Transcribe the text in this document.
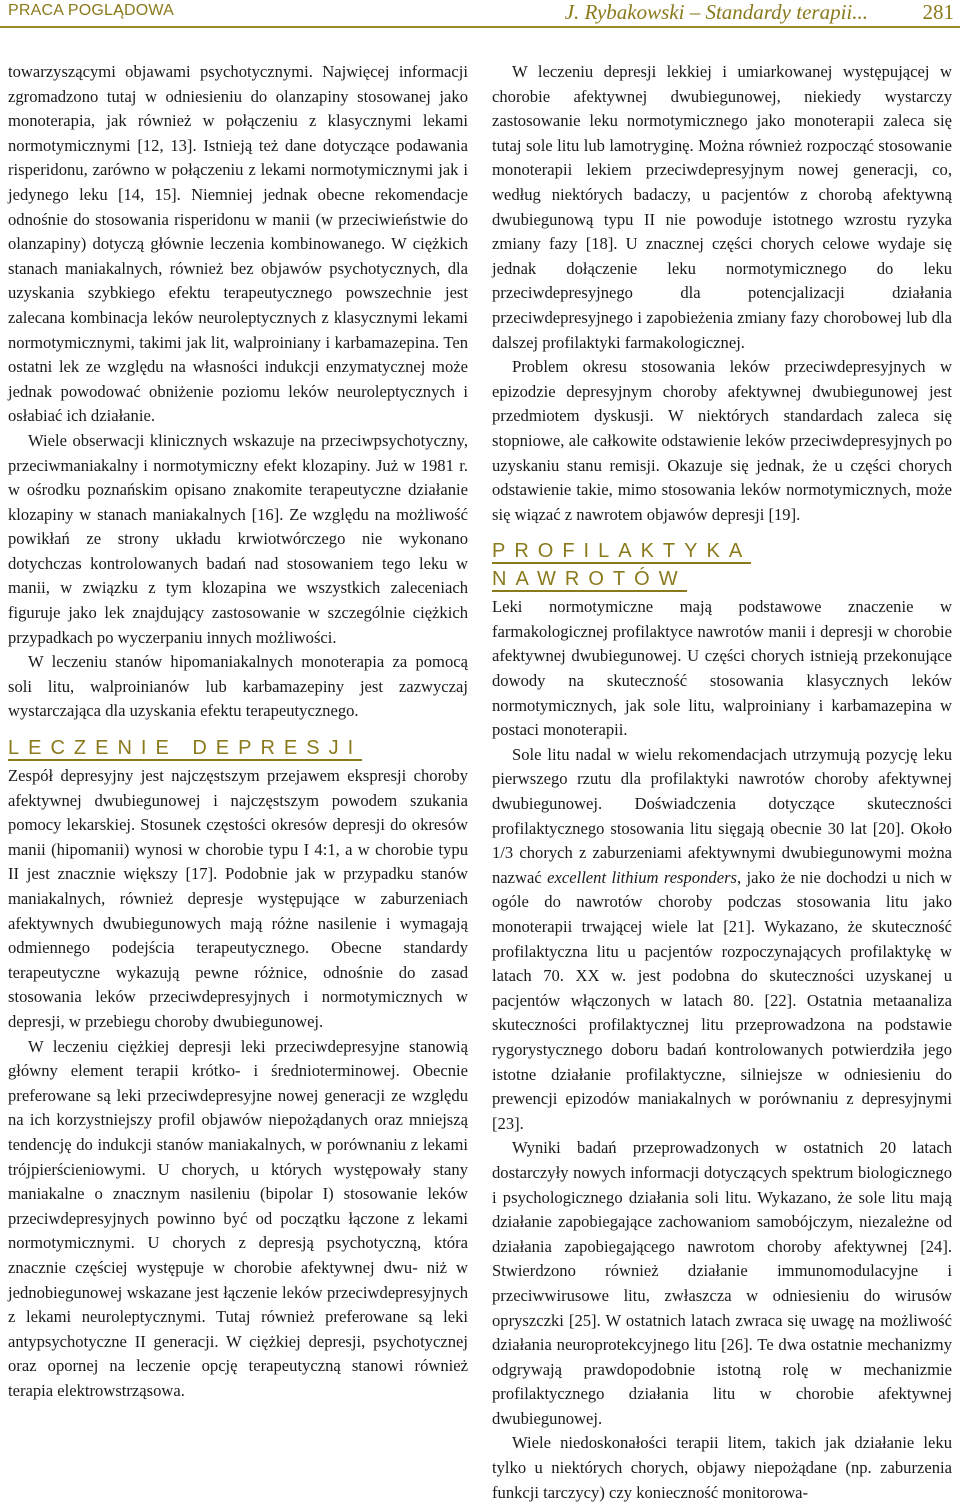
PRACA POGLĄDOWA	J. Rybakowski – Standardy terapii...	281

towarzyszącymi objawami psychotycznymi. Najwięcej informacji zgromadzono tutaj w odniesieniu do olanzapiny stosowanej jako monoterapia, jak również w połączeniu z klasycznymi lekami normotymicznymi [12, 13]. Istnieją też dane dotyczące podawania risperidonu, zarówno w połączeniu z lekami normotymicznymi jak i jedynego leku [14, 15]. Niemniej jednak obecne rekomendacje odnośnie do stosowania risperidonu w manii (w przeciwieństwie do olanzapiny) dotyczą głównie leczenia kombinowanego. W ciężkich stanach maniakalnych, również bez objawów psychotycznych, dla uzyskania szybkiego efektu terapeutycznego powszechnie jest zalecana kombinacja leków neuroleptycznych z klasycznymi lekami normotymicznymi, takimi jak lit, walproiniany i karbamazepina. Ten ostatni lek ze względu na własności indukcji enzymatycznej może jednak powodować obniżenie poziomu leków neuroleptycznych i osłabiać ich działanie.

Wiele obserwacji klinicznych wskazuje na przeciwpsychotyczny, przeciwmaniakalny i normotymiczny efekt klozapiny. Już w 1981 r. w ośrodku poznańskim opisano znakomite terapeutyczne działanie klozapiny w stanach maniakalnych [16]. Ze względu na możliwość powikłań ze strony układu krwiotwórczego nie wykonano dotychczas kontrolowanych badań nad stosowaniem tego leku w manii, w związku z tym klozapina we wszystkich zaleceniach figuruje jako lek znajdujący zastosowanie w szczególnie ciężkich przypadkach po wyczerpaniu innych możliwości.

W leczeniu stanów hipomaniakalnych monoterapia za pomocą soli litu, walproinianów lub karbamazepiny jest zazwyczaj wystarczająca dla uzyskania efektu terapeutycznego.

LECZENIE DEPRESJI

Zespół depresyjny jest najczęstszym przejawem ekspresji choroby afektywnej dwubiegunowej i najczęstszym powodem szukania pomocy lekarskiej. Stosunek częstości okresów depresji do okresów manii (hipomanii) wynosi w chorobie typu I 4:1, a w chorobie typu II jest znacznie większy [17]. Podobnie jak w przypadku stanów maniakalnych, również depresje występujące w zaburzeniach afektywnych dwubiegunowych mają różne nasilenie i wymagają odmiennego podejścia terapeutycznego. Obecne standardy terapeutyczne wykazują pewne różnice, odnośnie do zasad stosowania leków przeciwdepresyjnych i normotymicznych w depresji, w przebiegu choroby dwubiegunowej.

W leczeniu ciężkiej depresji leki przeciwdepresyjne stanowią główny element terapii krótko- i średnioterminowej. Obecnie preferowane są leki przeciwdepresyjne nowej generacji ze względu na ich korzystniejszy profil objawów niepożądanych oraz mniejszą tendencję do indukcji stanów maniakalnych, w porównaniu z lekami trójpierścieniowymi. U chorych, u których występowały stany maniakalne o znacznym nasileniu (bipolar I) stosowanie leków przeciwdepresyjnych powinno być od początku łączone z lekami normotymicznymi. U chorych z depresją psychotyczną, która znacznie częściej występuje w chorobie afektywnej dwu- niż w jednobiegunowej wskazane jest łączenie leków przeciwdepresyjnych z lekami neuroleptycznymi. Tutaj również preferowane są leki antypsychotyczne II generacji. W ciężkiej depresji, psychotycznej oraz opornej na leczenie opcję terapeutyczną stanowi również terapia elektrowstrząsowa.

W leczeniu depresji lekkiej i umiarkowanej występującej w chorobie afektywnej dwubiegunowej, niekiedy wystarczy zastosowanie leku normotymicznego jako monoterapii zaleca się tutaj sole litu lub lamotryginę. Można również rozpocząć stosowanie monoterapii lekiem przeciwdepresyjnym nowej generacji, co, według niektórych badaczy, u pacjentów z chorobą afektywną dwubiegunową typu II nie powoduje istotnego wzrostu ryzyka zmiany fazy [18]. U znacznej części chorych celowe wydaje się jednak dołączenie leku normotymicznego do leku przeciwdepresyjnego dla potencjalizacji działania przeciwdepresyjnego i zapobieżenia zmiany fazy chorobowej lub dla dalszej profilaktyki farmakologicznej.

Problem okresu stosowania leków przeciwdepresyjnych w epizodzie depresyjnym choroby afektywnej dwubiegunowej jest przedmiotem dyskusji. W niektórych standardach zaleca się stopniowe, ale całkowite odstawienie leków przeciwdepresyjnych po uzyskaniu stanu remisji. Okazuje się jednak, że u części chorych odstawienie takie, mimo stosowania leków normotymicznych, może się wiązać z nawrotem objawów depresji [19].

PROFILAKTYKA NAWROTÓW

Leki normotymiczne mają podstawowe znaczenie w farmakologicznej profilaktyce nawrotów manii i depresji w chorobie afektywnej dwubiegunowej. U części chorych istnieją przekonujące dowody na skuteczność stosowania klasycznych leków normotymicznych, jak sole litu, walproiniany i karbamazepina w postaci monoterapii.

Sole litu nadal w wielu rekomendacjach utrzymują pozycję leku pierwszego rzutu dla profilaktyki nawrotów choroby afektywnej dwubiegunowej. Doświadczenia dotyczące skuteczności profilaktycznego stosowania litu sięgają obecnie 30 lat [20]. Około 1/3 chorych z zaburzeniami afektywnymi dwubiegunowymi można nazwać excellent lithium responders, jako że nie dochodzi u nich w ogóle do nawrotów choroby podczas stosowania litu jako monoterapii trwającej wiele lat [21]. Wykazano, że skuteczność profilaktyczna litu u pacjentów rozpoczynających profilaktykę w latach 70. XX w. jest podobna do skuteczności uzyskanej u pacjentów włączonych w latach 80. [22]. Ostatnia metaanaliza skuteczności profilaktycznej litu przeprowadzona na podstawie rygorystycznego doboru badań kontrolowanych potwierdziła jego istotne działanie profilaktyczne, silniejsze w odniesieniu do prewencji epizodów maniakalnych w porównaniu z depresyjnymi [23].

Wyniki badań przeprowadzonych w ostatnich 20 latach dostarczyły nowych informacji dotyczących spektrum biologicznego i psychologicznego działania soli litu. Wykazano, że sole litu mają działanie zapobiegające zachowaniom samobójczym, niezależne od działania zapobiegającego nawrotom choroby afektywnej [24]. Stwierdzono również działanie immunomodulacyjne i przeciwwirusowe litu, zwłaszcza w odniesieniu do wirusów opryszczki [25]. W ostatnich latach zwraca się uwagę na możliwość działania neuroprotekcyjnego litu [26]. Te dwa ostatnie mechanizmy odgrywają prawdopodobnie istotną rolę w mechanizmie profilaktycznego działania litu w chorobie afektywnej dwubiegunowej.

Wiele niedoskonałości terapii litem, takich jak działanie leku tylko u niektórych chorych, objawy niepożądane (np. zaburzenia funkcji tarczycy) czy konieczność monitorowa-
